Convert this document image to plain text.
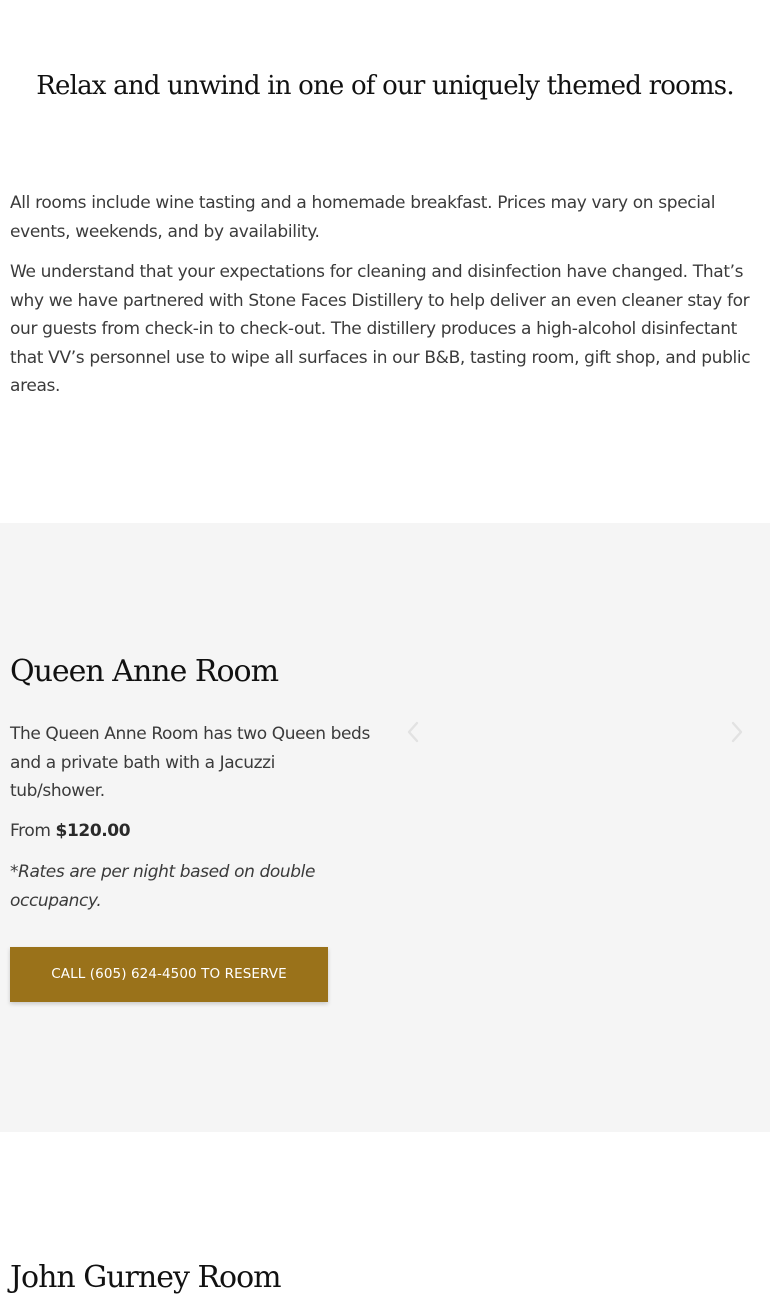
Relax and unwind in one of our uniquely themed rooms.

All rooms include wine tasting and a homemade breakfast. Prices may vary on special events, weekends, and by availability.

We understand that your expectations for cleaning and disinfection have changed. That’s why we have partnered with Stone Faces Distillery to help deliver an even cleaner stay for our guests from check-in to check-out. The distillery produces a high-alcohol disinfectant that VV’s personnel use to wipe all surfaces in our B&B, tasting room, gift shop, and public areas.

Queen Anne Room

The Queen Anne Room has two Queen beds and a private bath with a Jacuzzi tub/shower.

From $120.00

*Rates are per night based on double occupancy.

CALL (605) 624-4500 TO RESERVE
John Gurney Room
